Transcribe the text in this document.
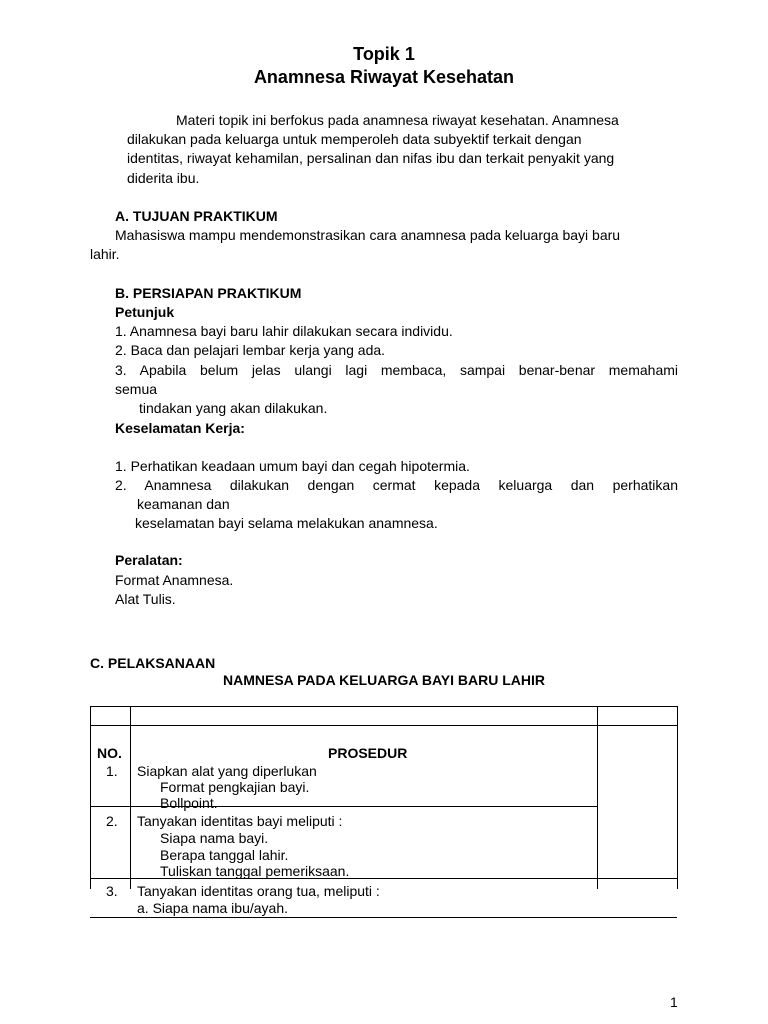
Topik 1
Anamnesa Riwayat Kesehatan
Materi topik ini berfokus pada anamnesa riwayat kesehatan. Anamnesa
dilakukan pada keluarga untuk memperoleh data subyektif terkait dengan
identitas, riwayat kehamilan, persalinan dan nifas ibu dan terkait penyakit yang
diderita ibu.
A. TUJUAN PRAKTIKUM
Mahasiswa mampu mendemonstrasikan cara anamnesa pada keluarga bayi baru
lahir.
B. PERSIAPAN PRAKTIKUM
Petunjuk
1. Anamnesa bayi baru lahir dilakukan secara individu.
2. Baca dan pelajari lembar kerja yang ada.
3. Apabila belum jelas ulangi lagi membaca, sampai benar-benar memahami
semua
tindakan yang akan dilakukan.
Keselamatan Kerja:
1. Perhatikan keadaan umum bayi dan cegah hipotermia.
2. Anamnesa dilakukan dengan cermat kepada keluarga dan perhatikan
keamanan dan
keselamatan bayi selama melakukan anamnesa.
Peralatan:
Format Anamnesa.
Alat Tulis.
C. PELAKSANAAN
NAMNESA PADA KELUARGA BAYI BARU LAHIR
NO.	PROSEDUR
1. Siapkan alat yang diperlukan
Format pengkajian bayi.
Bollpoint.
2. Tanyakan identitas bayi meliputi :
Siapa nama bayi.
Berapa tanggal lahir.
Tuliskan tanggal pemeriksaan.
3. Tanyakan identitas orang tua, meliputi :
a. Siapa nama ibu/ayah.
1
